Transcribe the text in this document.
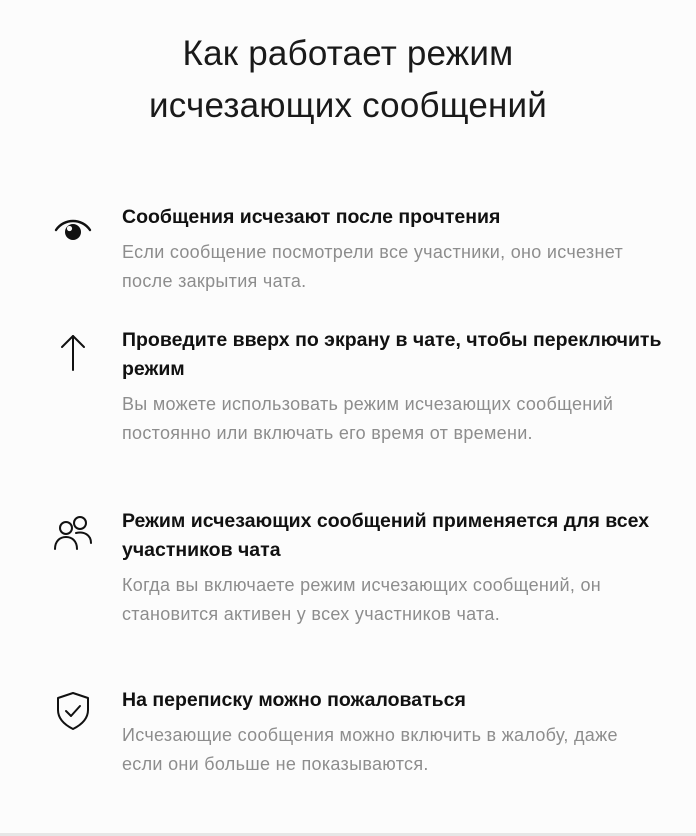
Как работает режим
исчезающих сообщений
Сообщения исчезают после прочтения

Если сообщение посмотрели все участники, оно исчезнет после закрытия чата.

Проведите вверх по экрану в чате, чтобы переключить режим

Вы можете использовать режим исчезающих сообщений постоянно или включать его время от времени.

Режим исчезающих сообщений применяется для всех участников чата

Когда вы включаете режим исчезающих сообщений, он становится активен у всех участников чата.

На переписку можно пожаловаться

Исчезающие сообщения можно включить в жалобу, даже если они больше не показываются.
